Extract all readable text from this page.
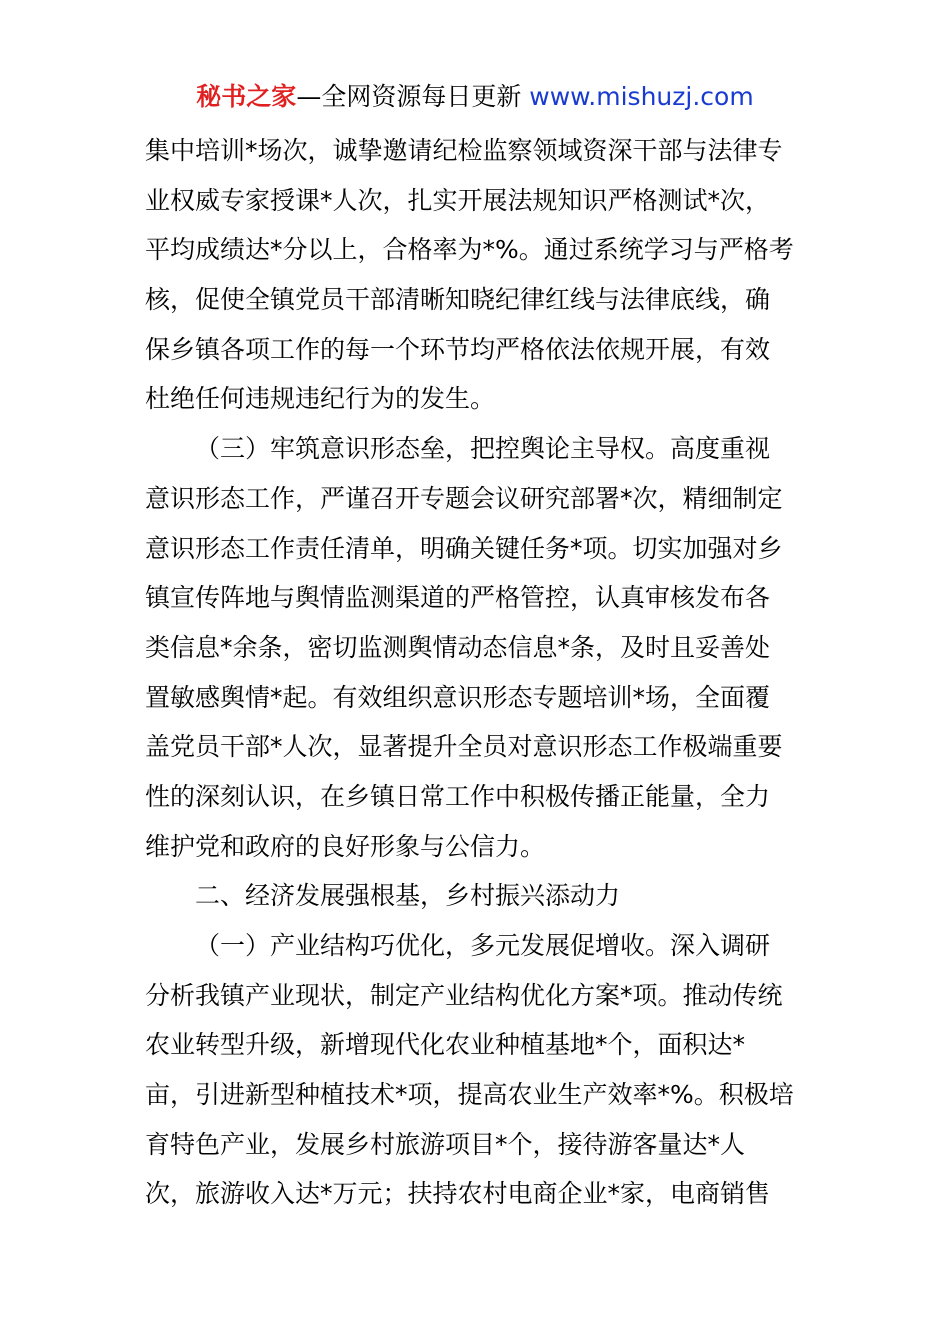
秘书之家—全网资源每日更新 www.mishuzj.com
集中培训*场次，诚挚邀请纪检监察领域资深干部与法律专
业权威专家授课*人次，扎实开展法规知识严格测试*次，
平均成绩达*分以上，合格率为*%。通过系统学习与严格考
核，促使全镇党员干部清晰知晓纪律红线与法律底线，确
保乡镇各项工作的每一个环节均严格依法依规开展，有效
杜绝任何违规违纪行为的发生。
（三）牢筑意识形态垒，把控舆论主导权。高度重视
意识形态工作，严谨召开专题会议研究部署*次，精细制定
意识形态工作责任清单，明确关键任务*项。切实加强对乡
镇宣传阵地与舆情监测渠道的严格管控，认真审核发布各
类信息*余条，密切监测舆情动态信息*条，及时且妥善处
置敏感舆情*起。有效组织意识形态专题培训*场，全面覆
盖党员干部*人次，显著提升全员对意识形态工作极端重要
性的深刻认识，在乡镇日常工作中积极传播正能量，全力
维护党和政府的良好形象与公信力。
二、经济发展强根基，乡村振兴添动力
（一）产业结构巧优化，多元发展促增收。深入调研
分析我镇产业现状，制定产业结构优化方案*项。推动传统
农业转型升级，新增现代化农业种植基地*个，面积达*
亩，引进新型种植技术*项，提高农业生产效率*%。积极培
育特色产业，发展乡村旅游项目*个，接待游客量达*人
次，旅游收入达*万元；扶持农村电商企业*家，电商销售
